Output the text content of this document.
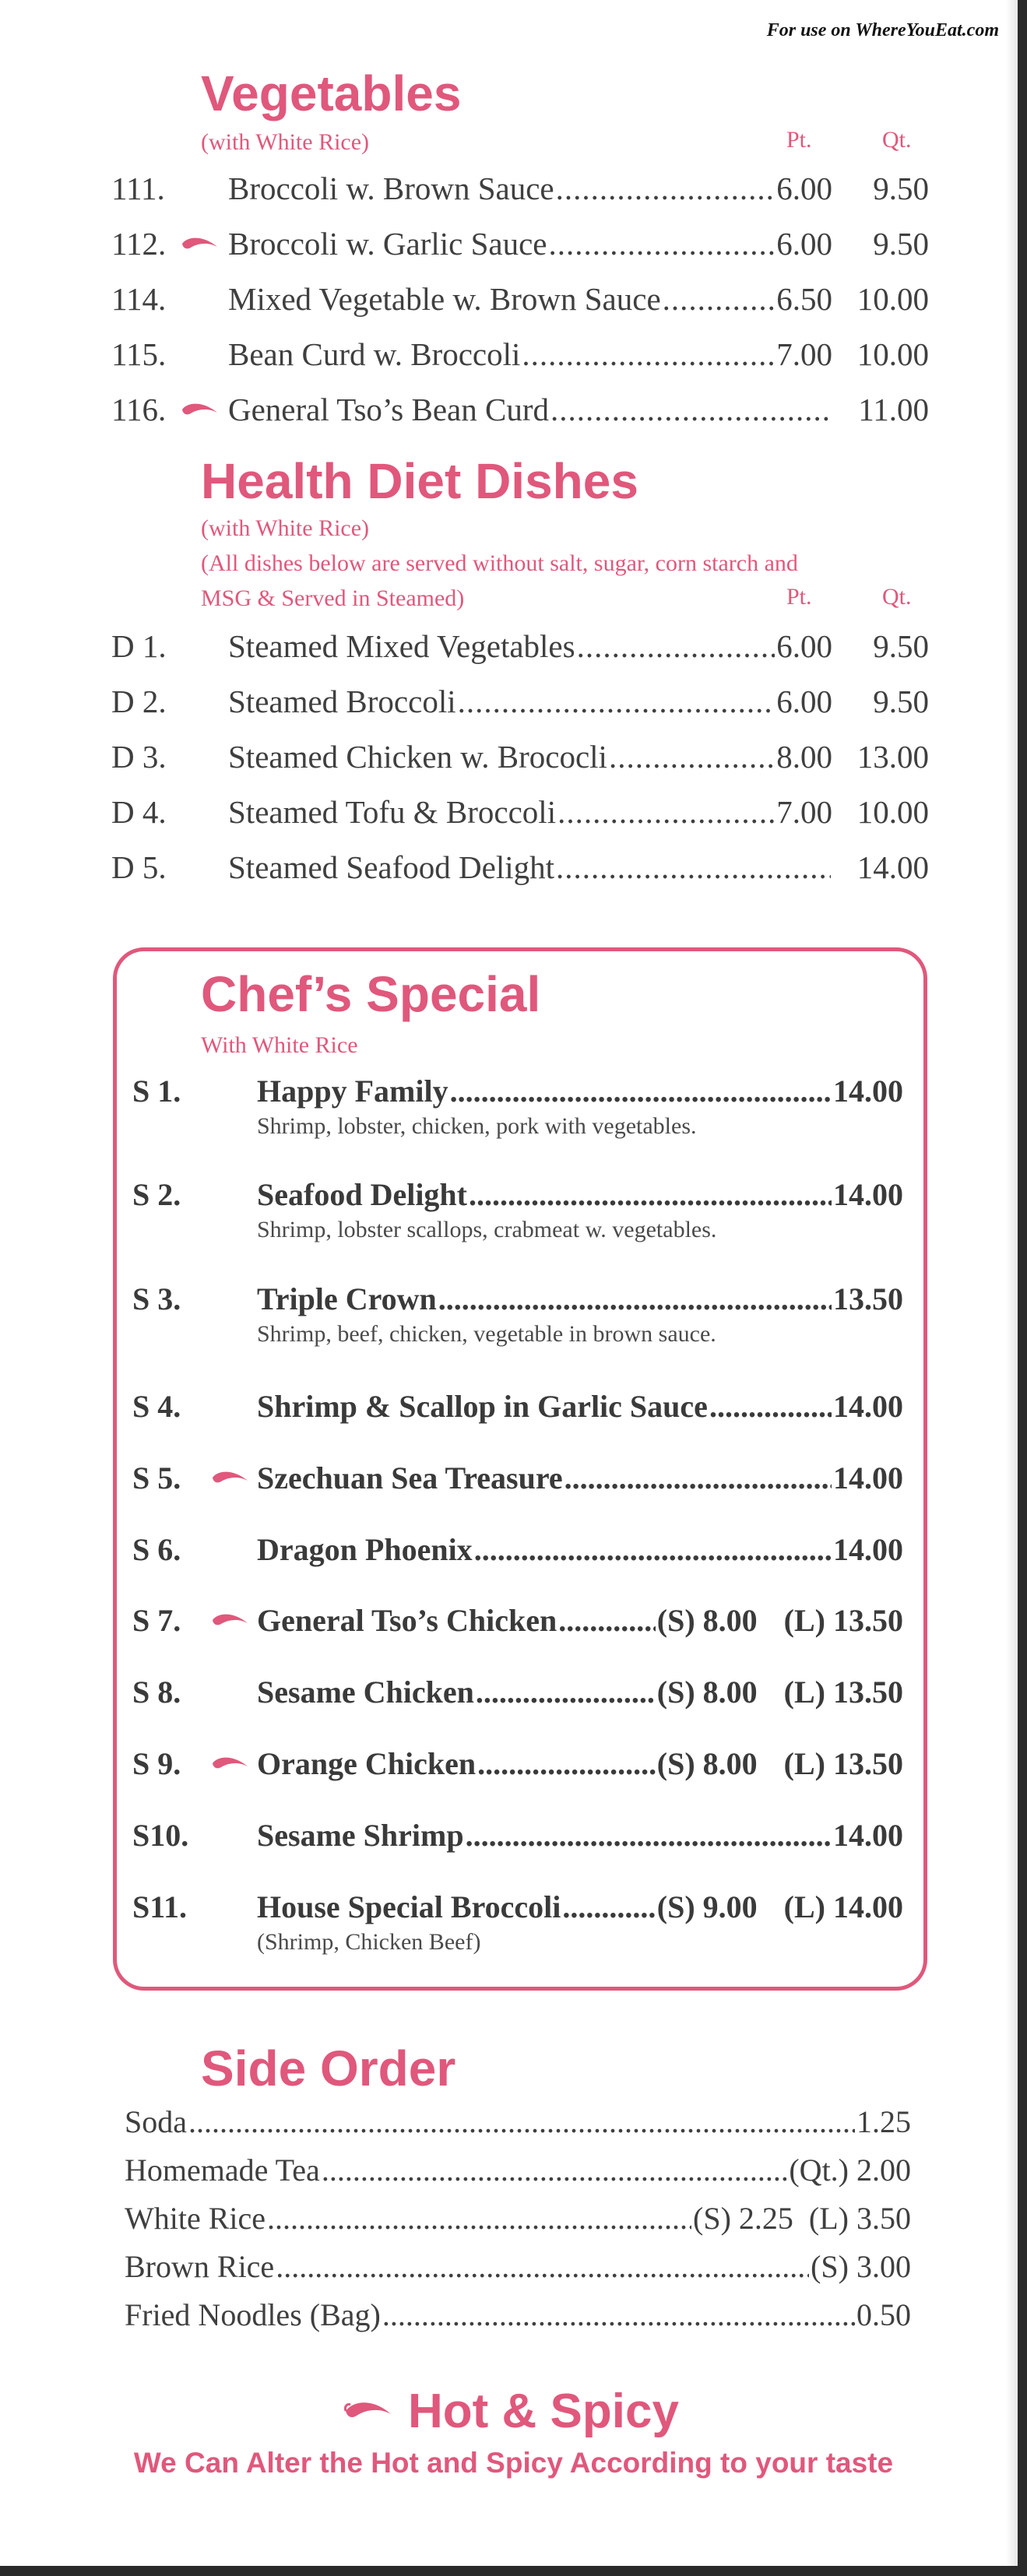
For use on WhereYouEat.com
Vegetables
(with White Rice)	Pt.	Qt.
111.	Broccoli w. Brown Sauce .....	6.00	9.50
112.	Broccoli w. Garlic Sauce .....	6.00	9.50
114.	Mixed Vegetable w. Brown Sauce .....	6.50 10.00
115.	Bean Curd w. Broccoli .....	7.00 10.00
116.	General Tso’s Bean Curd .....	11.00
Health Diet Dishes
(with White Rice)
(All dishes below are served without salt, sugar, corn starch and
MSG & Served in Steamed)	Pt.	Qt.
D 1.	Steamed Mixed Vegetables .....	6.00	9.50
D 2.	Steamed Broccoli .....	6.00	9.50
D 3.	Steamed Chicken w. Brococli .....	8.00 13.00
D 4.	Steamed Tofu & Broccoli .....	7.00 10.00
D 5.	Steamed Seafood Delight .....	14.00
Chef’s Special
With White Rice
S 1.	Happy Family .....	14.00
Shrimp, lobster, chicken, pork with vegetables.
S 2.	Seafood Delight .....	14.00
Shrimp, lobster scallops, crabmeat w. vegetables.
S 3.	Triple Crown .....	13.50
Shrimp, beef, chicken, vegetable in brown sauce.
S 4.	Shrimp & Scallop in Garlic Sauce .....	14.00
S 5.	Szechuan Sea Treasure .....	14.00
S 6.	Dragon Phoenix .....	14.00
S 7.	General Tso’s Chicken .....	(S) 8.00 (L) 13.50
S 8.	Sesame Chicken .....	(S) 8.00 (L) 13.50
S 9.	Orange Chicken .....	(S) 8.00 (L) 13.50
S10.	Sesame Shrimp .....	14.00
S11.	House Special Broccoli .....	(S) 9.00 (L) 14.00
(Shrimp, Chicken Beef)
Side Order
Soda .....	1.25
Homemade Tea .....	(Qt.) 2.00
White Rice .....	(S) 2.25 (L) 3.50
Brown Rice .....	(S) 3.00
Fried Noodles (Bag) .....	0.50
Hot & Spicy
We Can Alter the Hot and Spicy According to your taste
